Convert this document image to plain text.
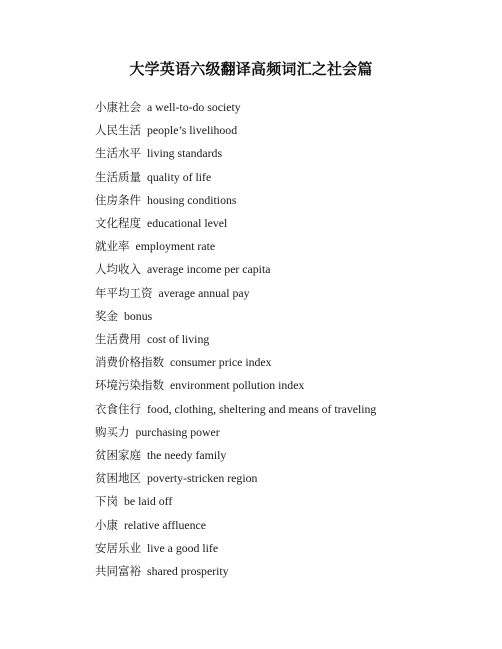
大学英语六级翻译高频词汇之社会篇
小康社会 a well-to-do society
人民生活 people’s livelihood
生活水平 living standards
生活质量 quality of life
住房条件 housing conditions
文化程度 educational level
就业率 employment rate
人均收入 average income per capita
年平均工资 average annual pay
奖金 bonus
生活费用 cost of living
消费价格指数 consumer price index
环境污染指数 environment pollution index
衣食住行 food, clothing, sheltering and means of traveling
购买力 purchasing power
贫困家庭 the needy family
贫困地区 poverty-stricken region
下岗 be laid off
小康 relative affluence
安居乐业 live a good life
共同富裕 shared prosperity
